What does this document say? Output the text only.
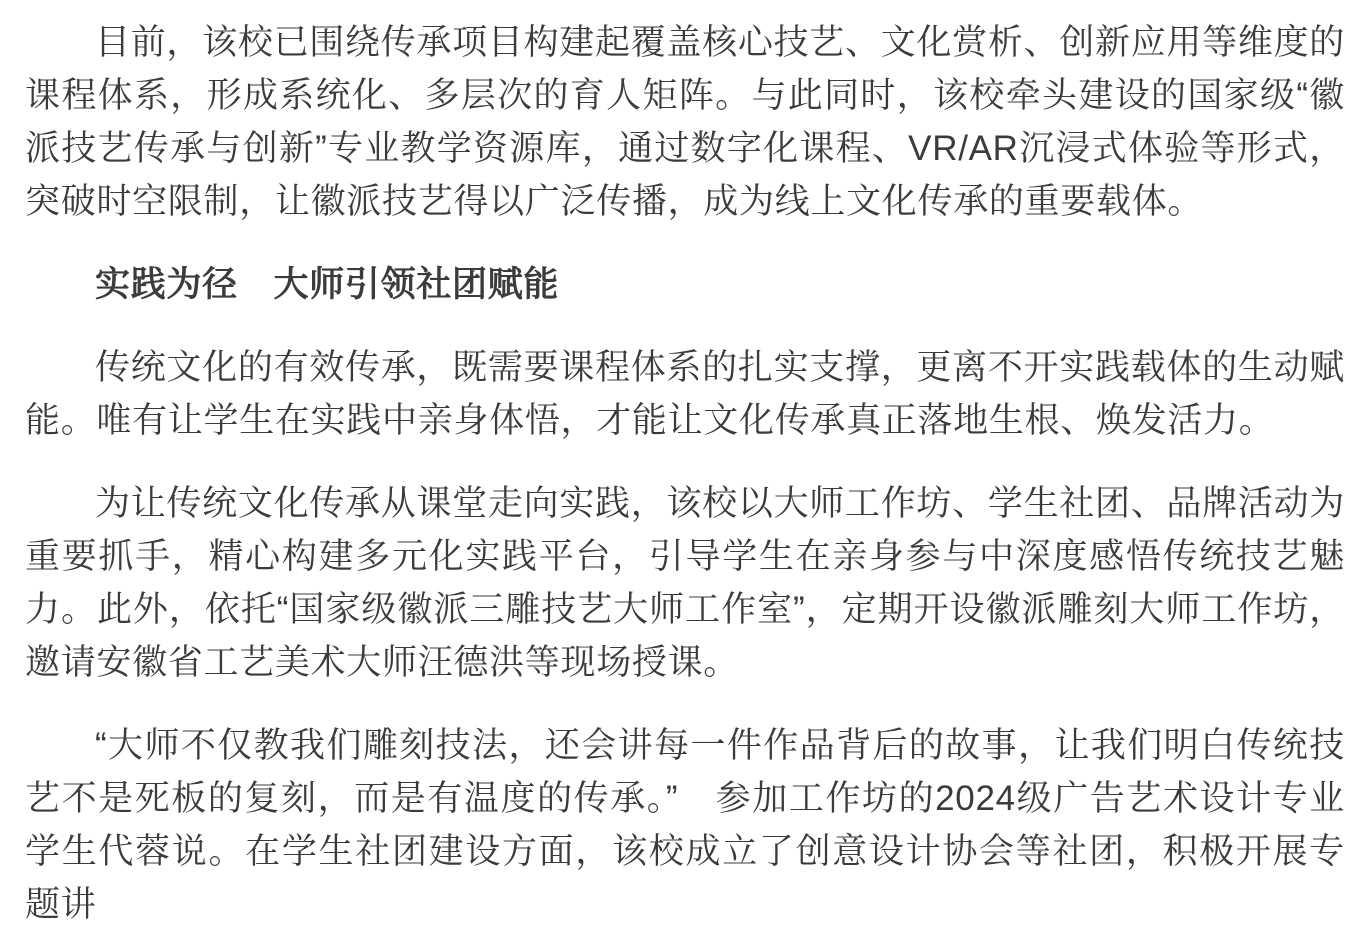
目前，该校已围绕传承项目构建起覆盖核心技艺、文化赏析、创新应用等维度的课程体系，形成系统化、多层次的育人矩阵。与此同时，该校牵头建设的国家级“徽派技艺传承与创新”专业教学资源库，通过数字化课程、VR/AR沉浸式体验等形式，突破时空限制，让徽派技艺得以广泛传播，成为线上文化传承的重要载体。

实践为径　大师引领社团赋能

传统文化的有效传承，既需要课程体系的扎实支撑，更离不开实践载体的生动赋能。唯有让学生在实践中亲身体悟，才能让文化传承真正落地生根、焕发活力。

为让传统文化传承从课堂走向实践，该校以大师工作坊、学生社团、品牌活动为重要抓手，精心构建多元化实践平台，引导学生在亲身参与中深度感悟传统技艺魅力。此外，依托“国家级徽派三雕技艺大师工作室”，定期开设徽派雕刻大师工作坊，邀请安徽省工艺美术大师汪德洪等现场授课。

“大师不仅教我们雕刻技法，还会讲每一件作品背后的故事，让我们明白传统技艺不是死板的复刻，而是有温度的传承。”　参加工作坊的2024级广告艺术设计专业学生代蓉说。在学生社团建设方面，该校成立了创意设计协会等社团，积极开展专题讲
